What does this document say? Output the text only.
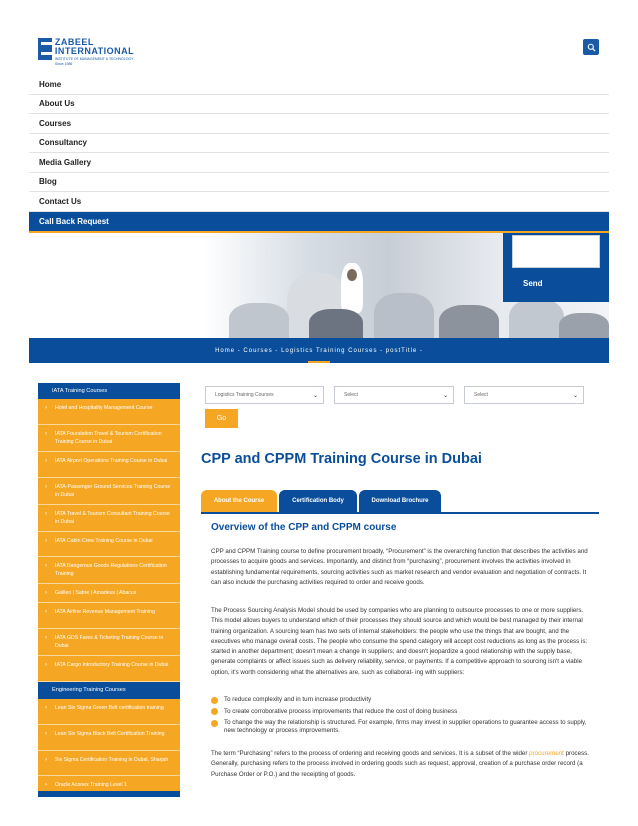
ZABEEL INTERNATIONAL
INSTITUTE OF MANAGEMENT & TECHNOLOGY
Since 1986
Home
About Us
Courses
Consultancy
Media Gallery
Blog
Contact Us
Call Back Request
Send
Home - Courses - Logistics Training Courses - postTitle -
IATA Training Courses
›	Hotel and Hospitality Management Course
›	IATA Foundation Travel & Tourism Certification Training Course in Dubai
›	IATA Airport Operations Training Course in Dubai
›	IATA-Passenger Ground Services Training Course in Dubai
›	IATA Travel & Tourism Consultant Training Course in Dubai
›	IATA Cabin Crew Training Course in Dubai
›	IATA Dangerous Goods Regulations Certification Training
›	Galileo | Sabre | Amadeus | Abacus
›	IATA Airline Revenue Management Training
›	IATA GDS Fares & Ticketing Training Course in Dubai
›	IATA Cargo Introductory Training Course in Dubai
Engineering Training Courses
›	Lean Six Sigma Green Belt certification training
›	Lean Six Sigma Black Belt Certification Training
›	Six Sigma Certification Training in Dubai, Sharjah
›	Oracle Aconex Training Level 1
Logistics Training Courses	⌄	Select	⌄	Select	⌄
Go
CPP and CPPM Training Course in Dubai
About the Course	Certification Body	Download Brochure
Overview of the CPP and CPPM course

CPP and CPPM Training course to define procurement broadly, “Procurement” is the overarching function that describes the activities and processes to acquire goods and services. Importantly, and distinct from “purchasing”, procurement involves the activities involved in establishing fundamental requirements, sourcing activities such as market research and vendor evaluation and negotiation of contracts. It can also include the purchasing activities required to order and receive goods.

The Process Sourcing Analysis Model should be used by companies who are planning to outsource processes to one or more suppliers. This model allows buyers to understand which of their processes they should source and which would be best managed by their internal training organization. A sourcing team has two sets of internal stakeholders: the people who use the things that are bought, and the executives who manage overall costs. The people who consume the spend category will accept cost reductions as long as the process is: started in another department; doesn't mean a change in suppliers; and doesn't jeopardize a good relationship with the supply base, generate complaints or affect issues such as delivery reliability, service, or payments. If a competitive approach to sourcing isn't a viable option, it's worth considering what the alternatives are, such as collaborat- ing with suppliers:

To reduce complexity and in turn increase productivity
To create corroborative process improvements that reduce the cost of doing business
To change the way the relationship is structured. For example, firms may invest in supplier operations to guarantee access to supply, new technology or process improvements.

The term “Purchasing” refers to the process of ordering and receiving goods and services. It is a subset of the wider procurement process. Generally, purchasing refers to the process involved in ordering goods such as request, approval, creation of a purchase order record (a Purchase Order or P.O.) and the receipting of goods.
